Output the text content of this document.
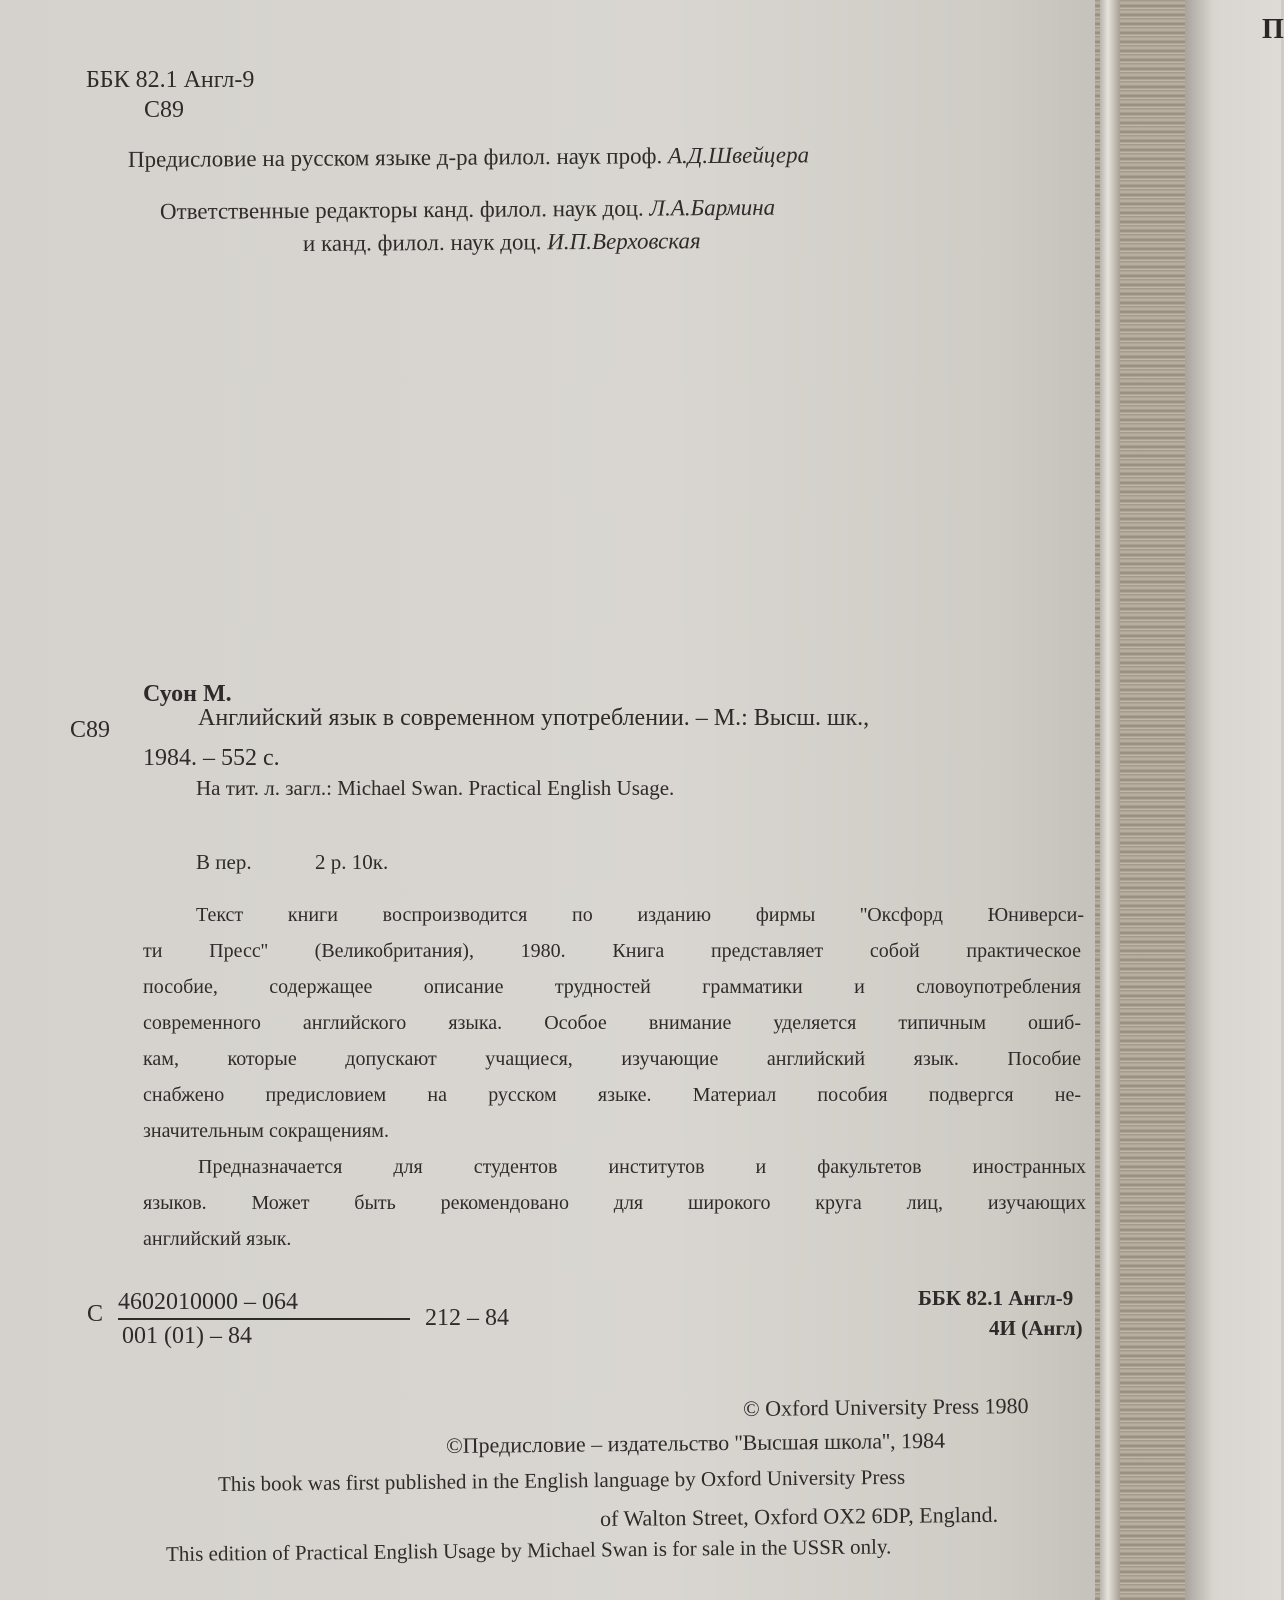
ББК 82.1 Англ-9
С89
Предисловие на русском языке д-ра филол. наук проф. А.Д.Швейцера
Ответственные редакторы канд. филол. наук доц. Л.А.Бармина
и канд. филол. наук доц. И.П.Верховская
Суон М.
С89	Английский язык в современном употреблении. – М.: Высш. шк.,
1984. – 552 с.
На тит. л. загл.: Michael Swan. Practical English Usage.
В пер.	2 р. 10к.
Текст книги воспроизводится по изданию фирмы ''Оксфорд Юниверси-
ти Пресс'' (Великобритания), 1980. Книга представляет собой практическое
пособие, содержащее описание трудностей грамматики и словоупотребления
современного английского языка. Особое внимание уделяется типичным ошиб-
кам, которые допускают учащиеся, изучающие английский язык. Пособие
снабжено предисловием на русском языке. Материал пособия подвергся не-
значительным сокращениям.
Предназначается для студентов институтов и факультетов иностранных
языков. Может быть рекомендовано для широкого круга лиц, изучающих
английский язык.
С 4602010000 – 064
001 (01) – 84
212 – 84
ББК 82.1 Англ-9
4И (Англ)
© Oxford University Press 1980
©Предисловие – издательство ''Высшая школа'', 1984
This book was first published in the English language by Oxford University Press
of Walton Street, Oxford OX2 6DP, England.
This edition of Practical English Usage by Michael Swan is for sale in the USSR only.
П
